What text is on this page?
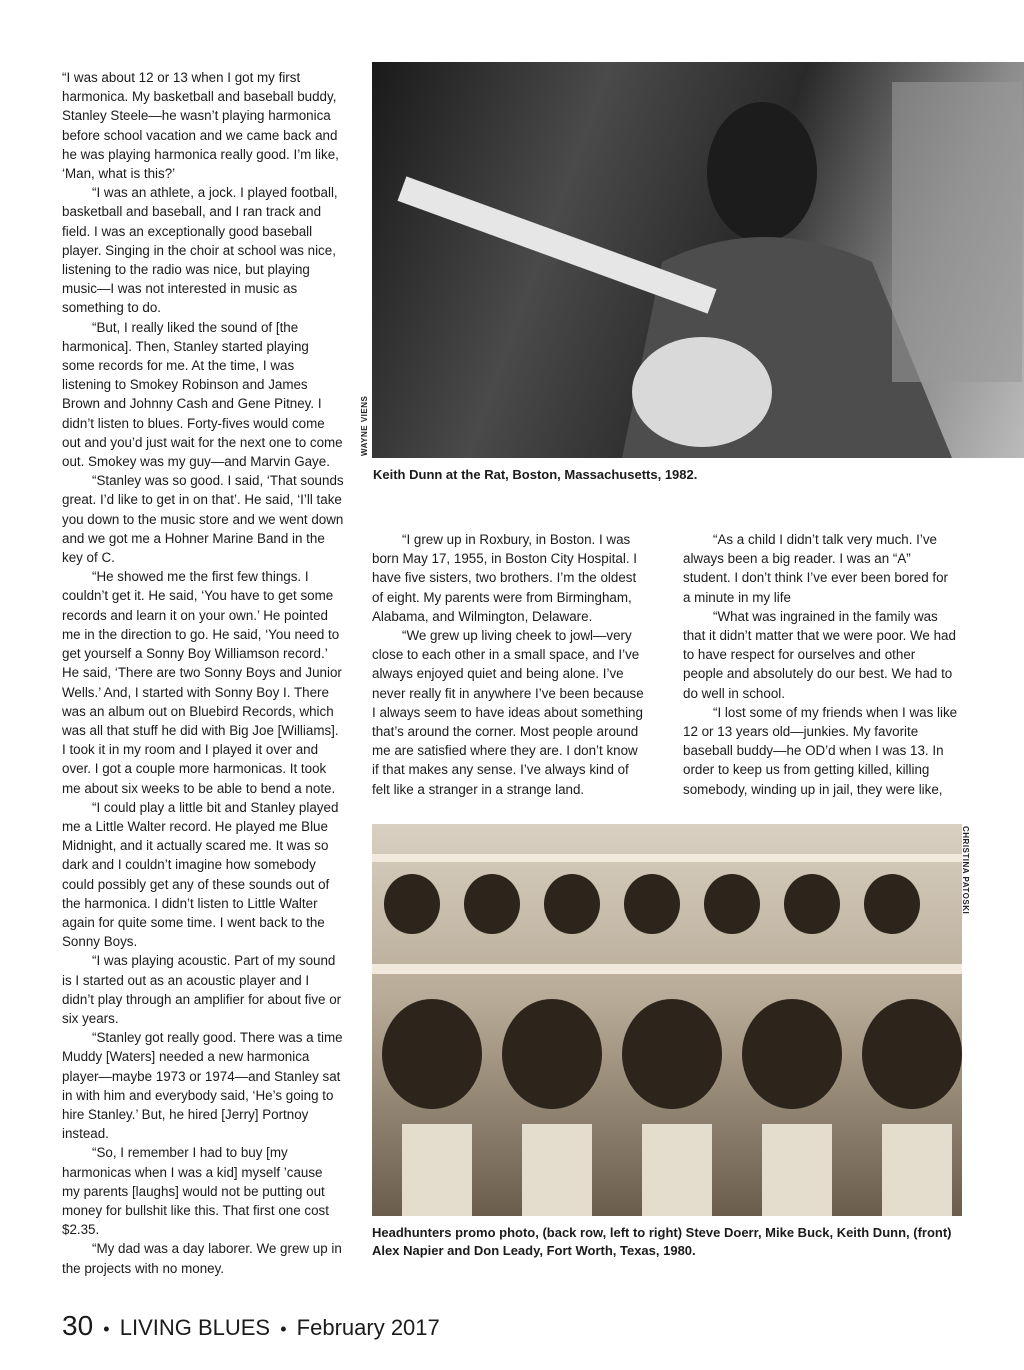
“I was about 12 or 13 when I got my first harmonica. My basketball and baseball buddy, Stanley Steele—he wasn’t playing harmonica before school vacation and we came back and he was playing harmonica really good. I’m like, ‘Man, what is this?’

“I was an athlete, a jock. I played football, basketball and baseball, and I ran track and field. I was an exceptionally good baseball player. Singing in the choir at school was nice, listening to the radio was nice, but playing music—I was not interested in music as something to do.

“But, I really liked the sound of [the harmonica]. Then, Stanley started playing some records for me. At the time, I was listening to Smokey Robinson and James Brown and Johnny Cash and Gene Pitney. I didn’t listen to blues. Forty-fives would come out and you’d just wait for the next one to come out. Smokey was my guy—and Marvin Gaye.

“Stanley was so good. I said, ‘That sounds great. I’d like to get in on that’. He said, ‘I’ll take you down to the music store and we went down and we got me a Hohner Marine Band in the key of C.

“He showed me the first few things. I couldn’t get it. He said, ‘You have to get some records and learn it on your own.’ He pointed me in the direction to go. He said, ‘You need to get yourself a Sonny Boy Williamson record.’ He said, ‘There are two Sonny Boys and Junior Wells.’ And, I started with Sonny Boy I. There was an album out on Bluebird Records, which was all that stuff he did with Big Joe [Williams]. I took it in my room and I played it over and over. I got a couple more harmonicas. It took me about six weeks to be able to bend a note.

“I could play a little bit and Stanley played me a Little Walter record. He played me Blue Midnight, and it actually scared me. It was so dark and I couldn’t imagine how somebody could possibly get any of these sounds out of the harmonica. I didn’t listen to Little Walter again for quite some time. I went back to the Sonny Boys.

“I was playing acoustic. Part of my sound is I started out as an acoustic player and I didn’t play through an amplifier for about five or six years.

“Stanley got really good. There was a time Muddy [Waters] needed a new harmonica player—maybe 1973 or 1974—and Stanley sat in with him and everybody said, ‘He’s going to hire Stanley.’ But, he hired [Jerry] Portnoy instead.

“So, I remember I had to buy [my harmonicas when I was a kid] myself ’cause my parents [laughs] would not be putting out money for bullshit like this. That first one cost $2.35.

“My dad was a day laborer. We grew up in the projects with no money.

WAYNE VIENS
Keith Dunn at the Rat, Boston, Massachusetts, 1982.

“I grew up in Roxbury, in Boston. I was born May 17, 1955, in Boston City Hospital. I have five sisters, two brothers. I’m the oldest of eight. My parents were from Birmingham, Alabama, and Wilmington, Delaware.

“We grew up living cheek to jowl—very close to each other in a small space, and I’ve always enjoyed quiet and being alone. I’ve never really fit in anywhere I’ve been because I always seem to have ideas about something that’s around the corner. Most people around me are satisfied where they are. I don’t know if that makes any sense. I’ve always kind of felt like a stranger in a strange land.

“As a child I didn’t talk very much. I’ve always been a big reader. I was an “A” student. I don’t think I’ve ever been bored for a minute in my life

“What was ingrained in the family was that it didn’t matter that we were poor. We had to have respect for ourselves and other people and absolutely do our best. We had to do well in school.

“I lost some of my friends when I was like 12 or 13 years old—junkies. My favorite baseball buddy—he OD’d when I was 13. In order to keep us from getting killed, killing somebody, winding up in jail, they were like,

CHRISTINA PATOSKI
Headhunters promo photo, (back row, left to right) Steve Doerr, Mike Buck, Keith Dunn, (front) Alex Napier and Don Leady, Fort Worth, Texas, 1980.
30 • LIVING BLUES • February 2017
